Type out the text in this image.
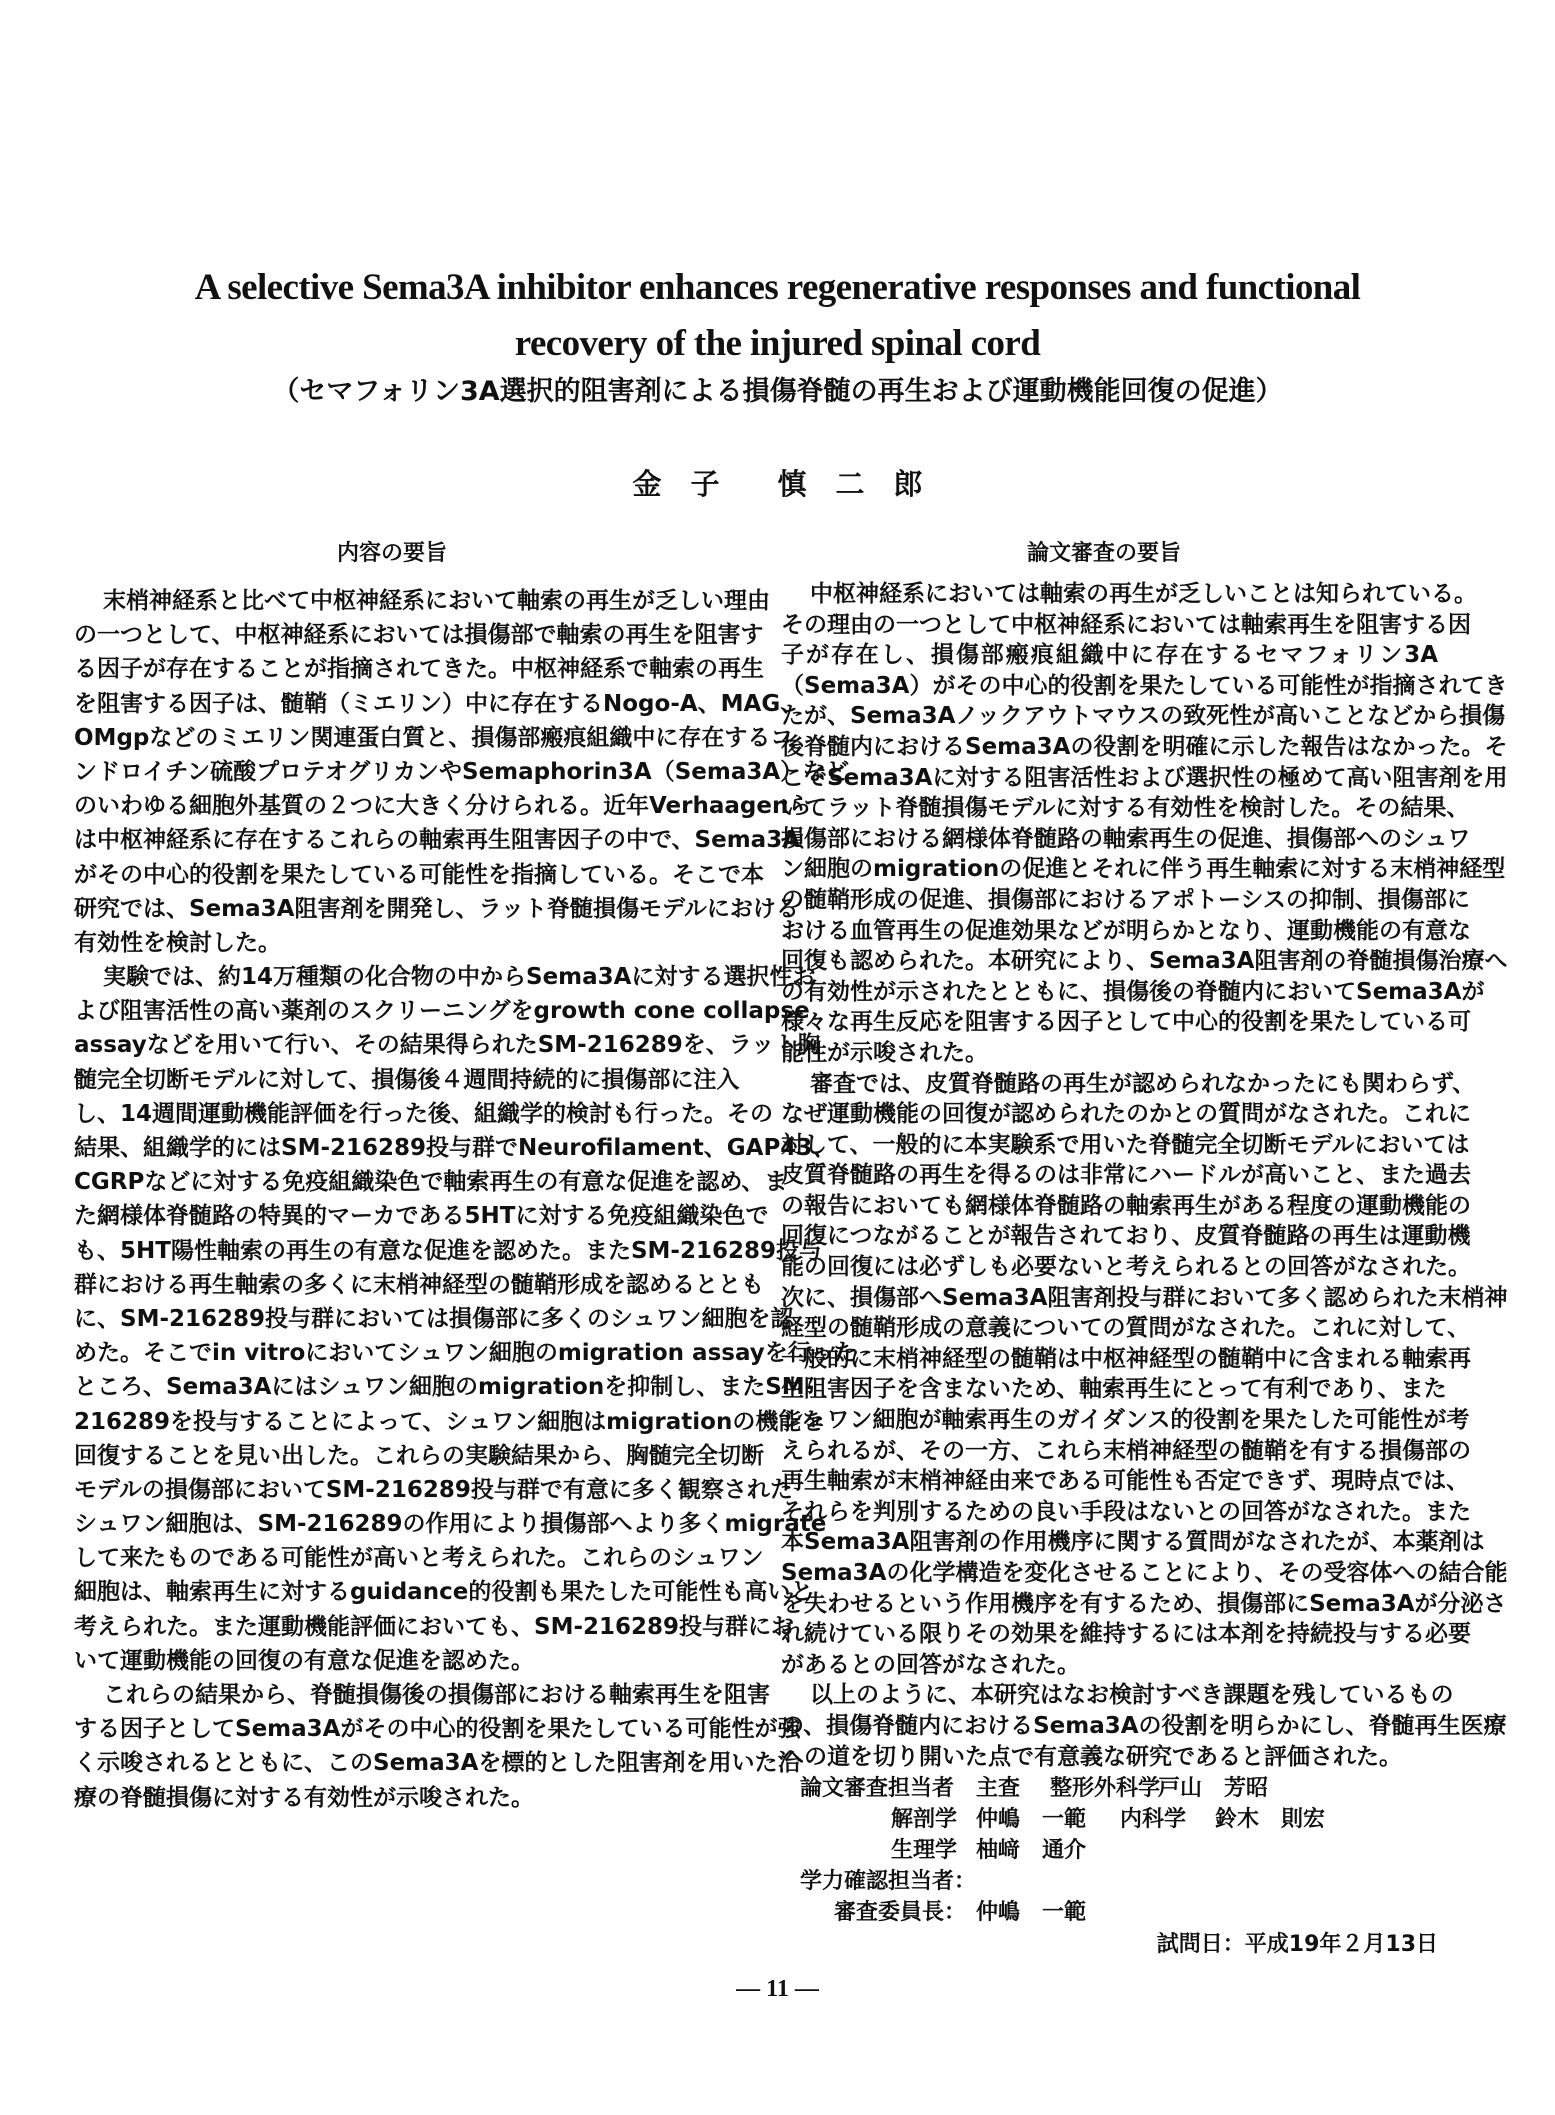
A selective Sema3A inhibitor enhances regenerative responses and functional
recovery of the injured spinal cord
（セマフォリン3A選択的阻害剤による損傷脊髄の再生および運動機能回復の促進）
金　子　　慎　二　郎
内容の要旨	論文審査の要旨
末梢神経系と比べて中枢神経系において軸索の再生が乏しい理由
の一つとして、中枢神経系においては損傷部で軸索の再生を阻害す
る因子が存在することが指摘されてきた。中枢神経系で軸索の再生
を阻害する因子は、髄鞘（ミエリン）中に存在するNogo-A、MAG、
OMgpなどのミエリン関連蛋白質と、損傷部瘢痕組織中に存在するコ
ンドロイチン硫酸プロテオグリカンやSemaphorin3A（Sema3A）など
のいわゆる細胞外基質の２つに大きく分けられる。近年Verhaagenら
は中枢神経系に存在するこれらの軸索再生阻害因子の中で、Sema3A
がその中心的役割を果たしている可能性を指摘している。そこで本
研究では、Sema3A阻害剤を開発し、ラット脊髄損傷モデルにおける
有効性を検討した。
実験では、約14万種類の化合物の中からSema3Aに対する選択性お
よび阻害活性の高い薬剤のスクリーニングをgrowth cone collapse
assayなどを用いて行い、その結果得られたSM-216289を、ラット胸
髄完全切断モデルに対して、損傷後４週間持続的に損傷部に注入
し、14週間運動機能評価を行った後、組織学的検討も行った。その
結果、組織学的にはSM-216289投与群でNeurofilament、GAP43、
CGRPなどに対する免疫組織染色で軸索再生の有意な促進を認め、ま
た網様体脊髄路の特異的マーカである5HTに対する免疫組織染色で
も、5HT陽性軸索の再生の有意な促進を認めた。またSM-216289投与
群における再生軸索の多くに末梢神経型の髄鞘形成を認めるととも
に、SM-216289投与群においては損傷部に多くのシュワン細胞を認
めた。そこでin vitroにおいてシュワン細胞のmigration assayを行った
ところ、Sema3Aにはシュワン細胞のmigrationを抑制し、またSM-
216289を投与することによって、シュワン細胞はmigrationの機能を
回復することを見い出した。これらの実験結果から、胸髄完全切断
モデルの損傷部においてSM-216289投与群で有意に多く観察された
シュワン細胞は、SM-216289の作用により損傷部へより多くmigrate
して来たものである可能性が高いと考えられた。これらのシュワン
細胞は、軸索再生に対するguidance的役割も果たした可能性も高いと
考えられた。また運動機能評価においても、SM-216289投与群にお
いて運動機能の回復の有意な促進を認めた。
これらの結果から、脊髄損傷後の損傷部における軸索再生を阻害
する因子としてSema3Aがその中心的役割を果たしている可能性が強
く示唆されるとともに、このSema3Aを標的とした阻害剤を用いた治
療の脊髄損傷に対する有効性が示唆された。
中枢神経系においては軸索の再生が乏しいことは知られている。
その理由の一つとして中枢神経系においては軸索再生を阻害する因
子が存在し、損傷部瘢痕組織中に存在するセマフォリン3A
（Sema3A）がその中心的役割を果たしている可能性が指摘されてき
たが、Sema3Aノックアウトマウスの致死性が高いことなどから損傷
後脊髄内におけるSema3Aの役割を明確に示した報告はなかった。そ
こでSema3Aに対する阻害活性および選択性の極めて高い阻害剤を用
いてラット脊髄損傷モデルに対する有効性を検討した。その結果、
損傷部における網様体脊髄路の軸索再生の促進、損傷部へのシュワ
ン細胞のmigrationの促進とそれに伴う再生軸索に対する末梢神経型
の髄鞘形成の促進、損傷部におけるアポトーシスの抑制、損傷部に
おける血管再生の促進効果などが明らかとなり、運動機能の有意な
回復も認められた。本研究により、Sema3A阻害剤の脊髄損傷治療へ
の有効性が示されたとともに、損傷後の脊髄内においてSema3Aが
様々な再生反応を阻害する因子として中心的役割を果たしている可
能性が示唆された。
審査では、皮質脊髄路の再生が認められなかったにも関わらず、
なぜ運動機能の回復が認められたのかとの質問がなされた。これに
対して、一般的に本実験系で用いた脊髄完全切断モデルにおいては
皮質脊髄路の再生を得るのは非常にハードルが高いこと、また過去
の報告においても網様体脊髄路の軸索再生がある程度の運動機能の
回復につながることが報告されており、皮質脊髄路の再生は運動機
能の回復には必ずしも必要ないと考えられるとの回答がなされた。
次に、損傷部へSema3A阻害剤投与群において多く認められた末梢神
経型の髄鞘形成の意義についての質問がなされた。これに対して、
一般的に末梢神経型の髄鞘は中枢神経型の髄鞘中に含まれる軸索再
生阻害因子を含まないため、軸索再生にとって有利であり、また
シュワン細胞が軸索再生のガイダンス的役割を果たした可能性が考
えられるが、その一方、これら末梢神経型の髄鞘を有する損傷部の
再生軸索が末梢神経由来である可能性も否定できず、現時点では、
それらを判別するための良い手段はないとの回答がなされた。また
本Sema3A阻害剤の作用機序に関する質問がなされたが、本薬剤は
Sema3Aの化学構造を変化させることにより、その受容体への結合能
を失わせるという作用機序を有するため、損傷部にSema3Aが分泌さ
れ続けている限りその効果を維持するには本剤を持続投与する必要
があるとの回答がなされた。
以上のように、本研究はなお検討すべき課題を残しているもの
の、損傷脊髄内におけるSema3Aの役割を明らかにし、脊髄再生医療
への道を切り開いた点で有意義な研究であると評価された。
論文審査担当者 主査 整形外科学
戸山　芳昭
解剖学 仲嶋　一範 内科学 鈴木　則宏
生理学 柚﨑　通介
学力確認担当者：
審査委員長： 仲嶋　一範
試問日：平成19年２月13日
— 11 —
